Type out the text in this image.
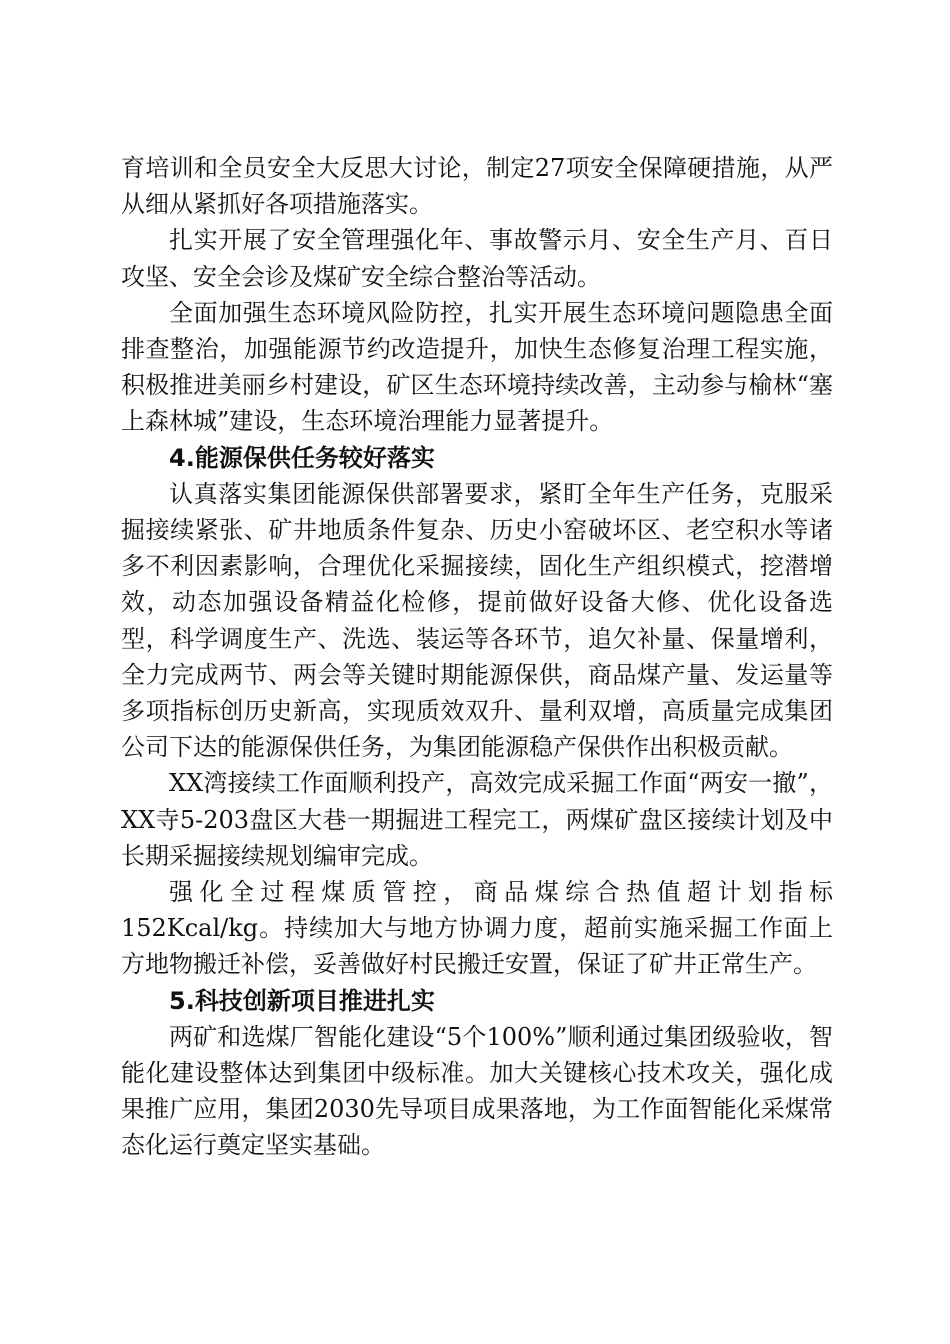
育培训和全员安全大反思大讨论，制定27项安全保障硬措施，从严从细从紧抓好各项措施落实。

扎实开展了安全管理强化年、事故警示月、安全生产月、百日攻坚、安全会诊及煤矿安全综合整治等活动。

全面加强生态环境风险防控，扎实开展生态环境问题隐患全面排查整治，加强能源节约改造提升，加快生态修复治理工程实施，积极推进美丽乡村建设，矿区生态环境持续改善，主动参与榆林“塞上森林城”建设，生态环境治理能力显著提升。

4.能源保供任务较好落实

认真落实集团能源保供部署要求，紧盯全年生产任务，克服采掘接续紧张、矿井地质条件复杂、历史小窑破坏区、老空积水等诸多不利因素影响，合理优化采掘接续，固化生产组织模式，挖潜增效，动态加强设备精益化检修，提前做好设备大修、优化设备选型，科学调度生产、洗选、装运等各环节，追欠补量、保量增利，全力完成两节、两会等关键时期能源保供，商品煤产量、发运量等多项指标创历史新高，实现质效双升、量利双增，高质量完成集团公司下达的能源保供任务，为集团能源稳产保供作出积极贡献。

XX湾接续工作面顺利投产，高效完成采掘工作面“两安一撤”，XX寺5-203盘区大巷一期掘进工程完工，两煤矿盘区接续计划及中长期采掘接续规划编审完成。

强化全过程煤质管控，商品煤综合热值超计划指标152Kcal/kg。持续加大与地方协调力度，超前实施采掘工作面上方地物搬迁补偿，妥善做好村民搬迁安置，保证了矿井正常生产。

5.科技创新项目推进扎实

两矿和选煤厂智能化建设“5个100%”顺利通过集团级验收，智能化建设整体达到集团中级标准。加大关键核心技术攻关，强化成果推广应用，集团2030先导项目成果落地，为工作面智能化采煤常态化运行奠定坚实基础。
